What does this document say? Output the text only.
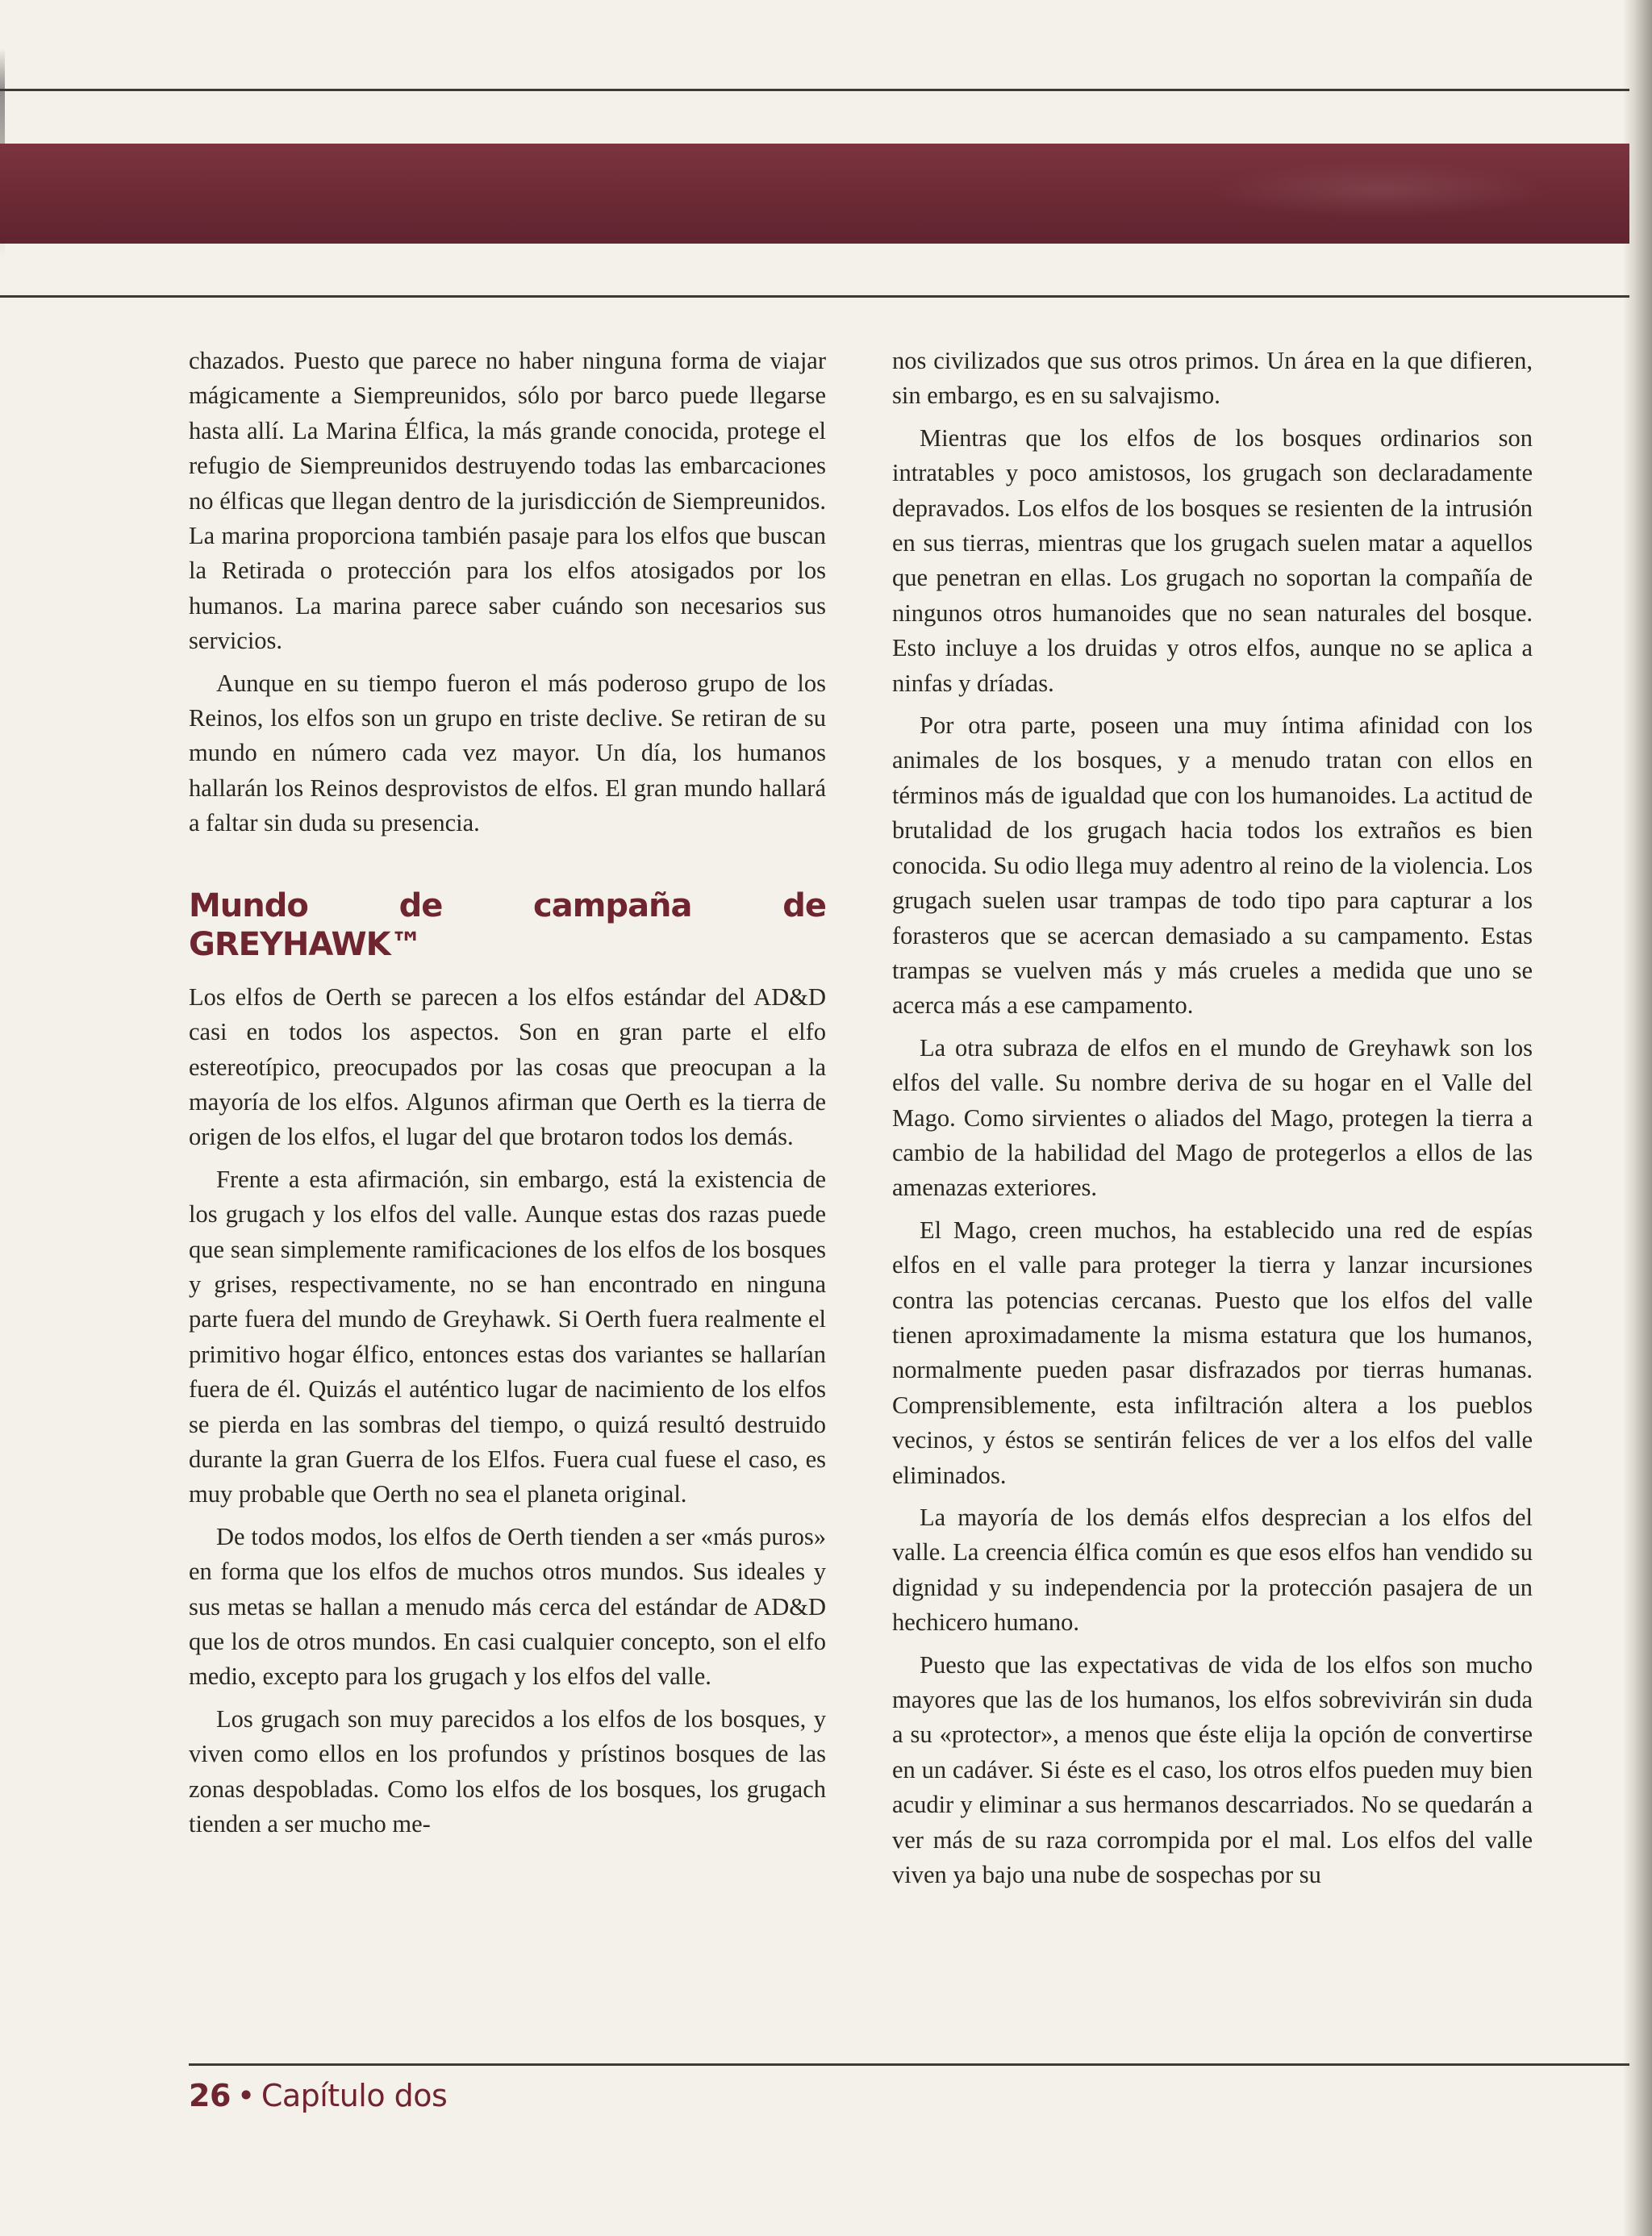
chazados. Puesto que parece no haber ninguna forma de viajar mágicamente a Siempreunidos, sólo por barco puede llegarse hasta allí. La Marina Élfica, la más grande conocida, protege el refugio de Siempreunidos destruyendo todas las embarcaciones no élficas que llegan dentro de la jurisdicción de Siempreunidos. La marina proporciona también pasaje para los elfos que buscan la Retirada o protección para los elfos atosigados por los humanos. La marina parece saber cuándo son necesarios sus servicios.

Aunque en su tiempo fueron el más poderoso grupo de los Reinos, los elfos son un grupo en triste declive. Se retiran de su mundo en número cada vez mayor. Un día, los humanos hallarán los Reinos desprovistos de elfos. El gran mundo hallará a faltar sin duda su presencia.

Mundo de campaña de GREYHAWK™

Los elfos de Oerth se parecen a los elfos estándar del AD&D casi en todos los aspectos. Son en gran parte el elfo estereotípico, preocupados por las cosas que preocupan a la mayoría de los elfos. Algunos afirman que Oerth es la tierra de origen de los elfos, el lugar del que brotaron todos los demás.

Frente a esta afirmación, sin embargo, está la existencia de los grugach y los elfos del valle. Aunque estas dos razas puede que sean simplemente ramificaciones de los elfos de los bosques y grises, respectivamente, no se han encontrado en ninguna parte fuera del mundo de Greyhawk. Si Oerth fuera realmente el primitivo hogar élfico, entonces estas dos variantes se hallarían fuera de él. Quizás el auténtico lugar de nacimiento de los elfos se pierda en las sombras del tiempo, o quizá resultó destruido durante la gran Guerra de los Elfos. Fuera cual fuese el caso, es muy probable que Oerth no sea el planeta original.

De todos modos, los elfos de Oerth tienden a ser «más puros» en forma que los elfos de muchos otros mundos. Sus ideales y sus metas se hallan a menudo más cerca del estándar de AD&D que los de otros mundos. En casi cualquier concepto, son el elfo medio, excepto para los grugach y los elfos del valle.

Los grugach son muy parecidos a los elfos de los bosques, y viven como ellos en los profundos y prístinos bosques de las zonas despobladas. Como los elfos de los bosques, los grugach tienden a ser mucho me-

nos civilizados que sus otros primos. Un área en la que difieren, sin embargo, es en su salvajismo.

Mientras que los elfos de los bosques ordinarios son intratables y poco amistosos, los grugach son declaradamente depravados. Los elfos de los bosques se resienten de la intrusión en sus tierras, mientras que los grugach suelen matar a aquellos que penetran en ellas. Los grugach no soportan la compañía de ningunos otros humanoides que no sean naturales del bosque. Esto incluye a los druidas y otros elfos, aunque no se aplica a ninfas y dríadas.

Por otra parte, poseen una muy íntima afinidad con los animales de los bosques, y a menudo tratan con ellos en términos más de igualdad que con los humanoides. La actitud de brutalidad de los grugach hacia todos los extraños es bien conocida. Su odio llega muy adentro al reino de la violencia. Los grugach suelen usar trampas de todo tipo para capturar a los forasteros que se acercan demasiado a su campamento. Estas trampas se vuelven más y más crueles a medida que uno se acerca más a ese campamento.

La otra subraza de elfos en el mundo de Greyhawk son los elfos del valle. Su nombre deriva de su hogar en el Valle del Mago. Como sirvientes o aliados del Mago, protegen la tierra a cambio de la habilidad del Mago de protegerlos a ellos de las amenazas exteriores.

El Mago, creen muchos, ha establecido una red de espías elfos en el valle para proteger la tierra y lanzar incursiones contra las potencias cercanas. Puesto que los elfos del valle tienen aproximadamente la misma estatura que los humanos, normalmente pueden pasar disfrazados por tierras humanas. Comprensiblemente, esta infiltración altera a los pueblos vecinos, y éstos se sentirán felices de ver a los elfos del valle eliminados.

La mayoría de los demás elfos desprecian a los elfos del valle. La creencia élfica común es que esos elfos han vendido su dignidad y su independencia por la protección pasajera de un hechicero humano.

Puesto que las expectativas de vida de los elfos son mucho mayores que las de los humanos, los elfos sobrevivirán sin duda a su «protector», a menos que éste elija la opción de convertirse en un cadáver. Si éste es el caso, los otros elfos pueden muy bien acudir y eliminar a sus hermanos descarriados. No se quedarán a ver más de su raza corrompida por el mal. Los elfos del valle viven ya bajo una nube de sospechas por su

26 • Capítulo dos
